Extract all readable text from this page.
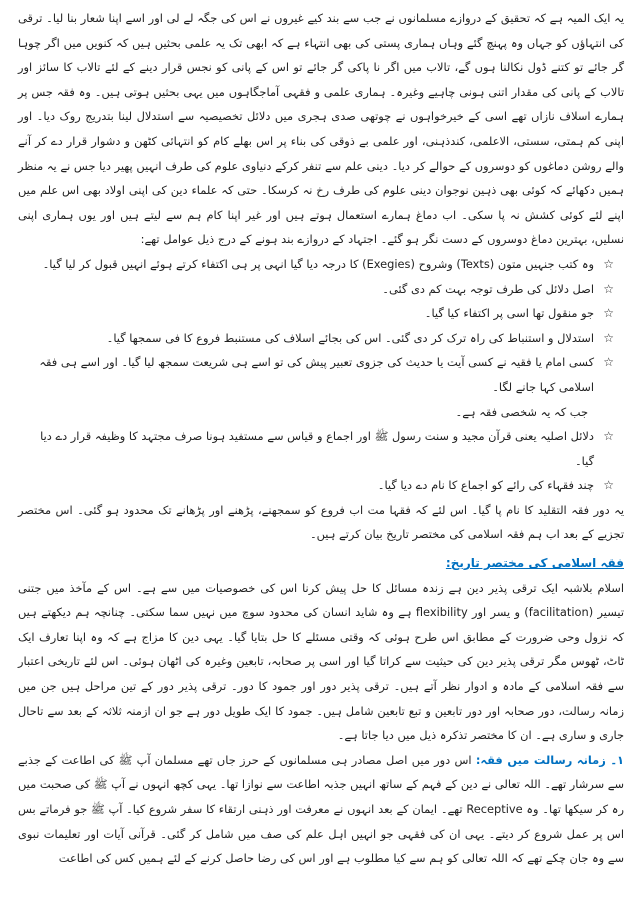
یہ ایک المیہ ہے کہ تحقیق کے دروازے مسلمانوں نے جب سے بند کیے غیروں نے اس کی جگہ لے لی اور اسے اپنا شعار بنا لیا۔ ترقی کی انتہاؤں کو جہاں وہ پہنچ گئے وہاں ہماری پستی کی بھی انتہاء ہے کہ ابھی تک یہ علمی بحثیں ہیں کہ کنویں میں اگر چوہا گر جائے تو کتنے ڈول نکالنا ہوں گے، تالاب میں اگر نا پاکی گر جائے تو اس کے پانی کو نجس قرار دینے کے لئے تالاب کا سائز اور تالاب کے پانی کی مقدار اتنی ہونی چاہیے وغیرہ۔ ہماری علمی و فقہی آماجگاہوں میں یہی بحثیں ہوتی ہیں۔ وہ فقہ جس پر ہمارے اسلاف نازاں تھے اسی کے خیرخواہوں نے چوتھی صدی ہجری میں دلائل تخصیصیہ سے استدلال لینا بتدریج روک دیا۔ اور اپنی کم ہمتی، سستی، الاعلمی، کندذہنی، اور علمی بے ذوقی کی بناء پر اس بھلے کام کو انتہائی کٹھن و دشوار قرار دے کر آنے والے روشن دماغوں کو دوسروں کے حوالے کر دیا۔ دینی علم سے تنفر کرکے دنیاوی علوم کی طرف انہیں پھیر دیا جس نے یہ منظر ہمیں دکھائے کہ کوئی بھی ذہین نوجوان دینی علوم کی طرف رخ نہ کرسکا۔ حتی کہ علماء دین کی اپنی اولاد بھی اس علم میں اپنے لئے کوئی کشش نہ پا سکی۔ اب دماغ ہمارے استعمال ہوتے ہیں اور غیر اپنا کام ہم سے لیتے ہیں اور یوں ہماری اپنی نسلیں، بہترین دماغ دوسروں کے دست نگر ہو گئے۔ اجتہاد کے دروازے بند ہونے کے درج ذیل عوامل تھے:

☆
وہ کتب جنہیں متون (Texts) وشروح (Exegies) کا درجہ دیا گیا انہی پر ہی اکتفاء کرتے ہوئے انہیں قبول کر لیا گیا۔
☆
اصل دلائل کی طرف توجہ بہت کم دی گئی۔
☆
جو منقول تھا اسی پر اکتفاء کیا گیا۔
☆
استدلال و استنباط کی راہ ترک کر دی گئی۔ اس کی بجائے اسلاف کی مستنبط فروع کا فی سمجھا گیا۔
☆
کسی امام یا فقیہ نے کسی آیت یا حدیث کی جزوی تعبیر پیش کی تو اسے ہی شریعت سمجھ لیا گیا۔ اور اسے ہی فقہ اسلامی کہا جانے لگا۔

جب کہ یہ شخصی فقہ ہے۔

☆
دلائل اصلیہ یعنی قرآن مجید و سنت رسول ﷺ اور اجماع و قیاس سے مستفید ہونا صرف مجتہد کا وظیفہ قرار دے دیا گیا۔
☆
چند فقہاء کی رائے کو اجماع کا نام دے دیا گیا۔

یہ دور فقہ التقلید کا نام پا گیا۔ اس لئے کہ فقہا مت اب فروع کو سمجھنے، پڑھنے اور پڑھانے تک محدود ہو گئی۔ اس مختصر تجزیے کے بعد اب ہم فقہ اسلامی کی مختصر تاریخ بیان کرتے ہیں۔

فقہ اسلامی کی مختصر تاریخ:

اسلام بلاشبہ ایک ترقی پذیر دین ہے زندہ مسائل کا حل پیش کرنا اس کی خصوصیات میں سے ہے۔ اس کے مآخذ میں جتنی تیسیر (facilitation) و یسر اور flexibility ہے وہ شاید انسان کی محدود سوچ میں نہیں سما سکتی۔ چنانچہ ہم دیکھتے ہیں کہ نزول وحی ضرورت کے مطابق اس طرح ہوئی کہ وقتی مسئلے کا حل بتایا گیا۔ یہی دین کا مزاج ہے کہ وہ اپنا تعارف ایک ٹاٹ، ٹھوس مگر ترقی پذیر دین کی حیثیت سے کراتا گیا اور اسی پر صحابہ، تابعین وغیرہ کی اٹھان ہوئی۔ اس لئے تاریخی اعتبار سے فقہ اسلامی کے مادہ و ادوار نظر آتے ہیں۔ ترقی پذیر دور اور جمود کا دور۔ ترقی پذیر دور کے تین مراحل ہیں جن میں زمانہ رسالت، دور صحابہ اور دور تابعین و تبع تابعین شامل ہیں۔ جمود کا ایک طویل دور ہے جو ان ازمنہ ثلاثہ کے بعد سے تاحال جاری و ساری ہے۔ ان کا مختصر تذکرہ ذیل میں دیا جاتا ہے۔

۱۔ زمانہ رسالت میں فقہ: اس دور میں اصل مصادر ہی مسلمانوں کے حرز جاں تھے مسلمان آپ ﷺ کی اطاعت کے جذبے سے سرشار تھے۔ اللہ تعالی نے دین کے فہم کے ساتھ انہیں جذبہ اطاعت سے نوازا تھا۔ یہی کچھ انہوں نے آپ ﷺ کی صحبت میں رہ کر سیکھا تھا۔ وہ Receptive تھے۔ ایمان کے بعد انہوں نے معرفت اور ذہنی ارتقاء کا سفر شروع کیا۔ آپ ﷺ جو فرماتے بس اس پر عمل شروع کر دیتے۔ یہی ان کی فقہی جو انہیں اہل علم کی صف میں شامل کر گئی۔ قرآنی آیات اور تعلیمات نبوی سے وہ جان چکے تھے کہ اللہ تعالی کو ہم سے کیا مطلوب ہے اور اس کی رضا حاصل کرنے کے لئے ہمیں کس کی اطاعت
